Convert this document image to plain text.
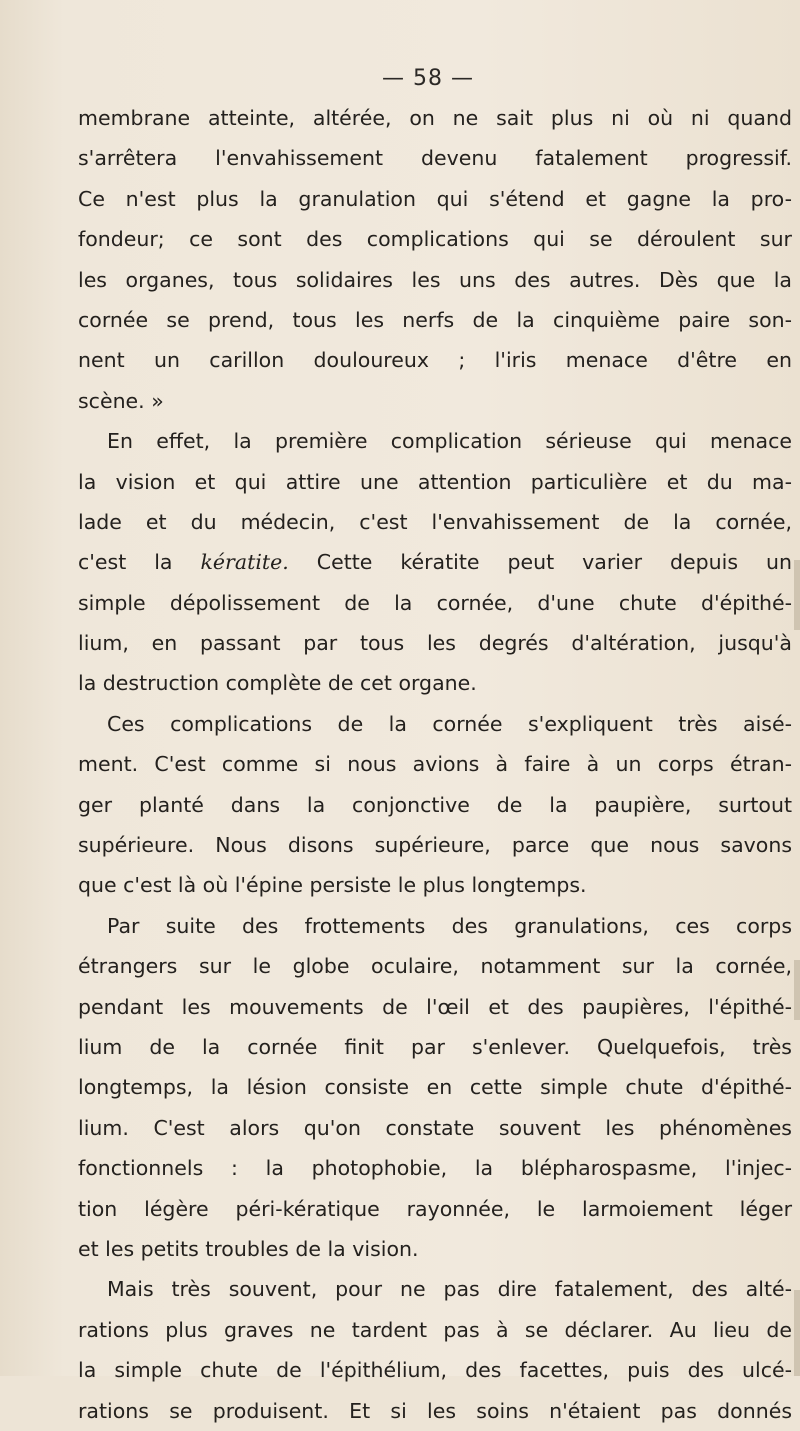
— 58 —
membrane atteinte, altérée, on ne sait plus ni où ni quand
s'arrêtera l'envahissement devenu fatalement progressif.
Ce n'est plus la granulation qui s'étend et gagne la pro-
fondeur; ce sont des complications qui se déroulent sur
les organes, tous solidaires les uns des autres. Dès que la
cornée se prend, tous les nerfs de la cinquième paire son-
nent un carillon douloureux ; l'iris menace d'être en
scène. »
En effet, la première complication sérieuse qui menace
la vision et qui attire une attention particulière et du ma-
lade et du médecin, c'est l'envahissement de la cornée,
c'est la kératite. Cette kératite peut varier depuis un
simple dépolissement de la cornée, d'une chute d'épithé-
lium, en passant par tous les degrés d'altération, jusqu'à
la destruction complète de cet organe.
Ces complications de la cornée s'expliquent très aisé-
ment. C'est comme si nous avions à faire à un corps étran-
ger planté dans la conjonctive de la paupière, surtout
supérieure. Nous disons supérieure, parce que nous savons
que c'est là où l'épine persiste le plus longtemps.
Par suite des frottements des granulations, ces corps
étrangers sur le globe oculaire, notamment sur la cornée,
pendant les mouvements de l'œil et des paupières, l'épithé-
lium de la cornée finit par s'enlever. Quelquefois, très
longtemps, la lésion consiste en cette simple chute d'épithé-
lium. C'est alors qu'on constate souvent les phénomènes
fonctionnels : la photophobie, la blépharospasme, l'injec-
tion légère péri-kératique rayonnée, le larmoiement léger
et les petits troubles de la vision.
Mais très souvent, pour ne pas dire fatalement, des alté-
rations plus graves ne tardent pas à se déclarer. Au lieu de
la simple chute de l'épithélium, des facettes, puis des ulcé-
rations se produisent. Et si les soins n'étaient pas donnés
